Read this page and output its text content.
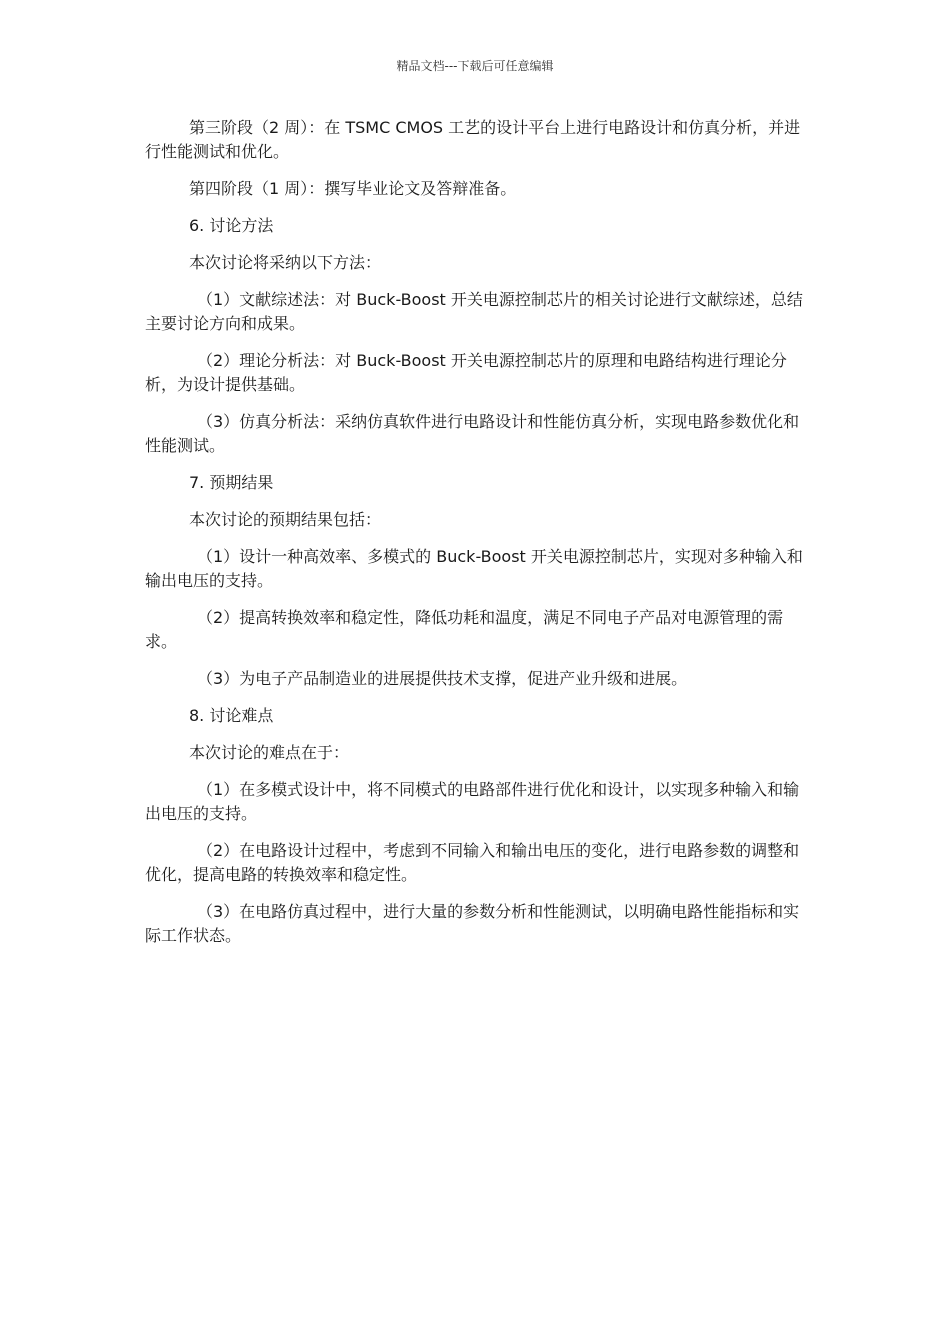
精品文档---下载后可任意编辑

第三阶段（2 周）：在 TSMC CMOS 工艺的设计平台上进行电路设计和仿真分析，并进行性能测试和优化。

第四阶段（1 周）：撰写毕业论文及答辩准备。

6. 讨论方法

本次讨论将采纳以下方法：

（1）文献综述法：对 Buck-Boost 开关电源控制芯片的相关讨论进行文献综述，总结主要讨论方向和成果。

（2）理论分析法：对 Buck-Boost 开关电源控制芯片的原理和电路结构进行理论分析，为设计提供基础。

（3）仿真分析法：采纳仿真软件进行电路设计和性能仿真分析，实现电路参数优化和性能测试。

7. 预期结果

本次讨论的预期结果包括：

（1）设计一种高效率、多模式的 Buck-Boost 开关电源控制芯片，实现对多种输入和输出电压的支持。

（2）提高转换效率和稳定性，降低功耗和温度，满足不同电子产品对电源管理的需求。

（3）为电子产品制造业的进展提供技术支撑，促进产业升级和进展。

8. 讨论难点

本次讨论的难点在于：

（1）在多模式设计中，将不同模式的电路部件进行优化和设计，以实现多种输入和输出电压的支持。

（2）在电路设计过程中，考虑到不同输入和输出电压的变化，进行电路参数的调整和优化，提高电路的转换效率和稳定性。

（3）在电路仿真过程中，进行大量的参数分析和性能测试，以明确电路性能指标和实际工作状态。
